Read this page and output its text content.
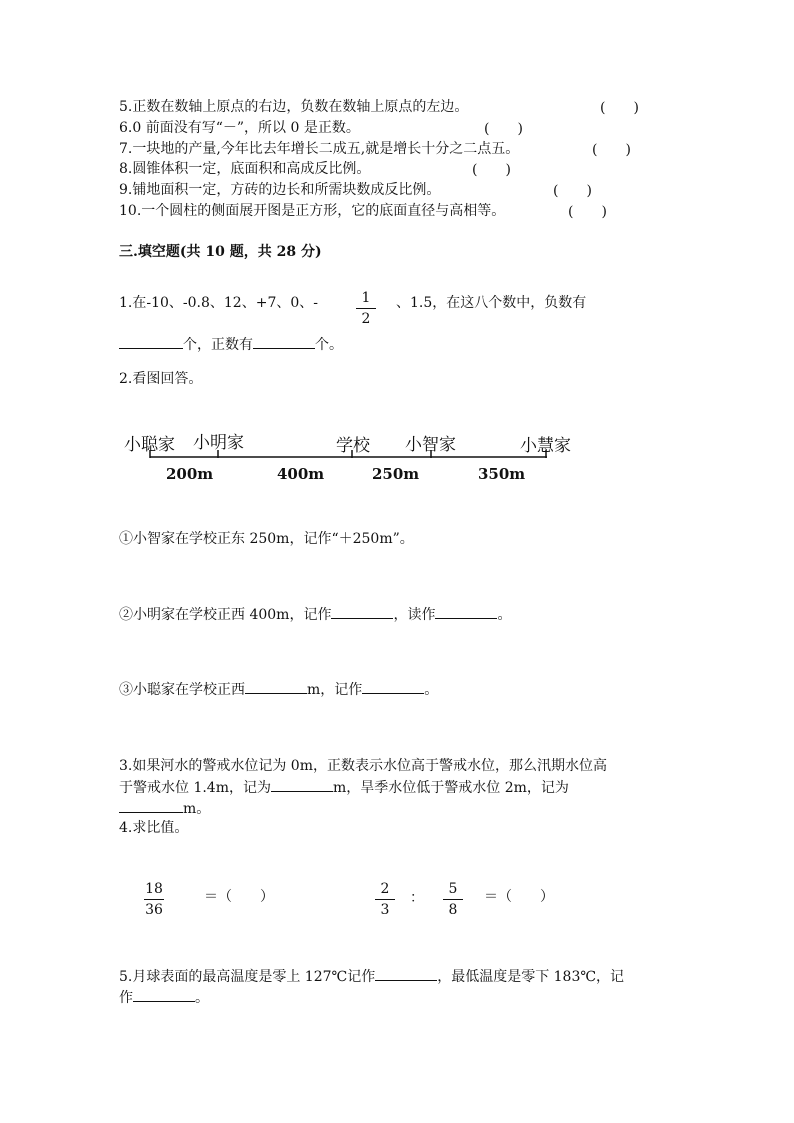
5.正数在数轴上原点的右边，负数在数轴上原点的左边。	(　　)
6.0 前面没有写“－”，所以 0 是正数。	(　　)
7.一块地的产量,今年比去年增长二成五,就是增长十分之二点五。	(　　)
8.圆锥体积一定，底面积和高成反比例。	(　　)
9.铺地面积一定，方砖的边长和所需块数成反比例。	(　　)
10.一个圆柱的侧面展开图是正方形，它的底面直径与高相等。	(　　)
三.填空题(共 10 题，共 28 分)
1.在-10、-0.8、12、+7、0、-	1
2
、1.5，在这八个数中，负数有
个，正数有	个。
2.看图回答。
小聪家 小明家	学校 小智家	小慧家
200m	400m	250m	350m
①小智家在学校正东 250m，记作“＋250m”。
②小明家在学校正西 400m，记作	，读作	。
③小聪家在学校正西	m，记作	。
3.如果河水的警戒水位记为 0m，正数表示水位高于警戒水位，那么汛期水位高
于警戒水位 1.4m，记为	m，旱季水位低于警戒水位 2m，记为
m。
4.求比值。
18
36
＝（　　）	2
3
：
5
8
＝（　　）
5.月球表面的最高温度是零上 127℃记作	，最低温度是零下 183℃，记
作	。
